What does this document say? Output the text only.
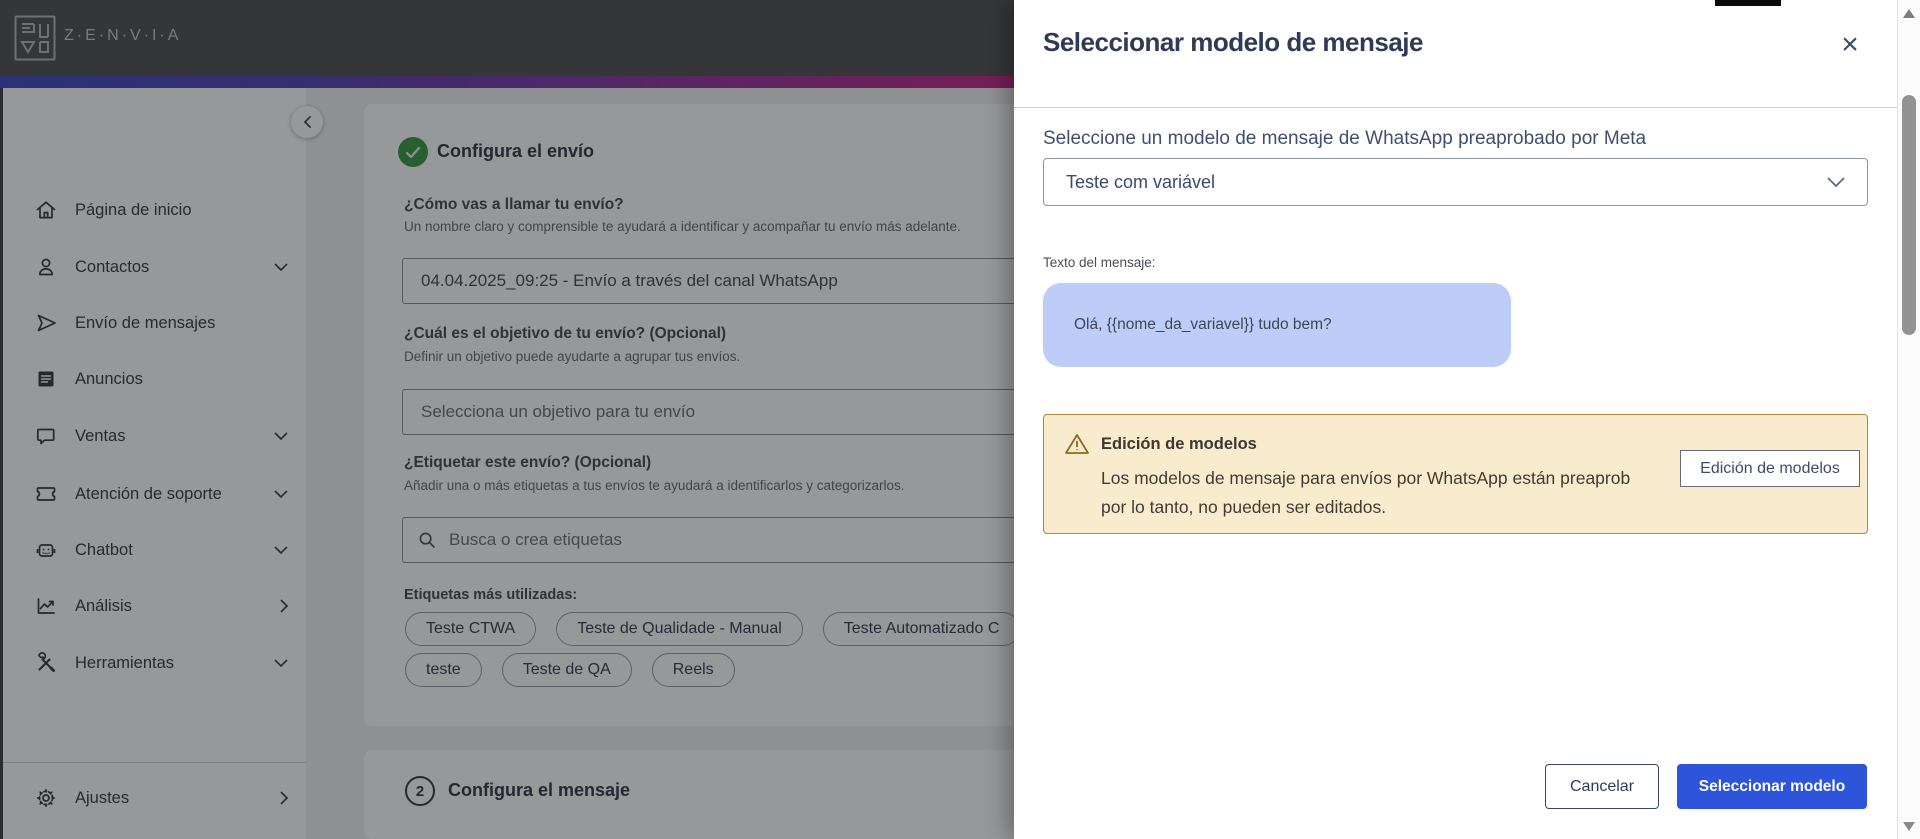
Z·E·N·V·I·A
Página de inicio
Contactos
Envío de mensajes
Anuncios
Ventas
Atención de soporte
Chatbot
Análisis
Herramientas
Ajustes
Configura el envío
¿Cómo vas a llamar tu envío?
Un nombre claro y comprensible te ayudará a identificar y acompañar tu envío más adelante.
04.04.2025_09:25 - Envío a través del canal WhatsApp
¿Cuál es el objetivo de tu envío? (Opcional)
Definir un objetivo puede ayudarte a agrupar tus envíos.
Selecciona un objetivo para tu envío
¿Etiquetar este envío? (Opcional)
Añadir una o más etiquetas a tus envíos te ayudará a identificarlos y categorizarlos.
Busca o crea etiquetas
Etiquetas más utilizadas:
Teste CTWA	Teste de Qualidade - Manual	Teste Automatizado C
teste	Teste de QA	Reels
2	Configura el mensaje
Seleccionar modelo de mensaje	×
Seleccione un modelo de mensaje de WhatsApp preaprobado por Meta
Teste com variável
Texto del mensaje:
Olá, {{nome_da_variavel}} tudo bem?
Edición de modelos
Los modelos de mensaje para envíos por WhatsApp están preaprob
por lo tanto, no pueden ser editados.
Edición de modelos
Cancelar	Seleccionar modelo
